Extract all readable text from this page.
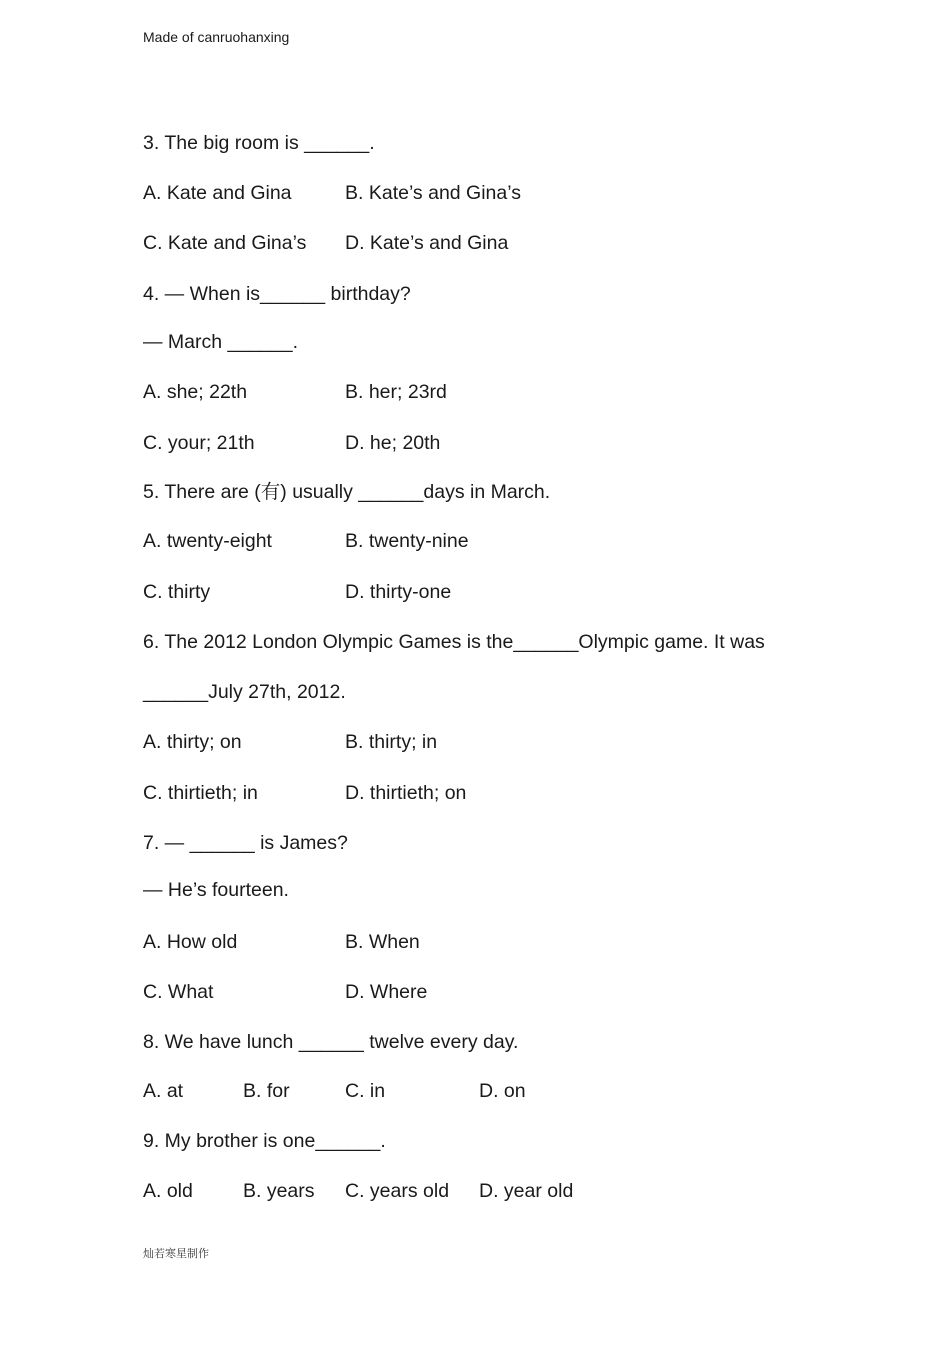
Made of canruohanxing
3. The big room is ______.
A. Kate and Gina	B. Kate’s and Gina’s
C. Kate and Gina’s D. Kate’s and Gina
4. — When is______ birthday?
— March ______.
A. she; 22th	B. her; 23rd
C. your; 21th	D. he; 20th
5. There are (有) usually ______days in March.
A. twenty-eight	B. twenty-nine
C. thirty	D. thirty-one
6. The 2012 London Olympic Games is the______Olympic game. It was
______July 27th, 2012.
A. thirty; on	B. thirty; in
C. thirtieth; in	D. thirtieth; on
7. — ______ is James?
— He’s fourteen.
A. How old	B. When
C. What	D. Where
8. We have lunch ______ twelve every day.
A. at	B. for	C. in	D. on
9. My brother is one______.
A. old	B. years C. years old D. year old
灿若寒星制作
